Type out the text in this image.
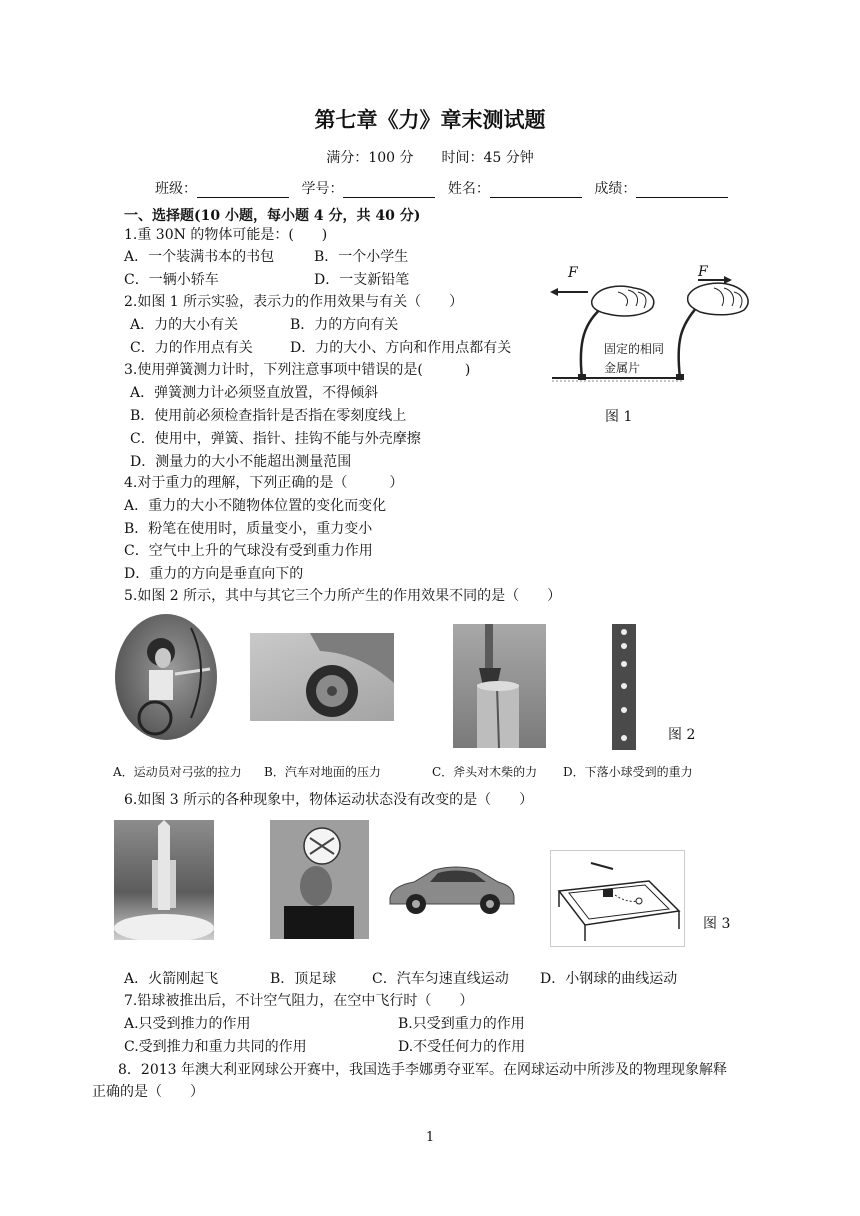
第七章《力》章末测试题
满分：100 分 时间：45 分钟
班级：	学号：	姓名：	成绩：
一、选择题(10 小题，每小题 4 分，共 40 分)
1.重 30N 的物体可能是：(　　)
A．一个装满书本的书包	B．一个小学生
C．一辆小轿车	D．一支新铅笔
2.如图 1 所示实验，表示力的作用效果与有关（　　）
A．力的大小有关	B．力的方向有关
C．力的作用点有关	D．力的大小、方向和作用点都有关
3.使用弹簧测力计时，下列注意事项中错误的是(　　　)
A．弹簧测力计必须竖直放置，不得倾斜
B．使用前必须检查指针是否指在零刻度线上
C．使用中，弹簧、指针、挂钩不能与外壳摩擦
D．测量力的大小不能超出测量范围
4.对于重力的理解，下列正确的是（　　　）
A．重力的大小不随物体位置的变化而变化
B．粉笔在使用时，质量变小，重力变小
C．空气中上升的气球没有受到重力作用
D．重力的方向是垂直向下的
5.如图 2 所示，其中与其它三个力所产生的作用效果不同的是（　　）
F	F
固定的相同
金属片
图 1
图 2
A．运动员对弓弦的拉力 B．汽车对地面的压力	C．斧头对木柴的力 D．下落小球受到的重力
6.如图 3 所示的各种现象中，物体运动状态没有改变的是（　　）
图 3
A．火箭刚起飞	B．顶足球	C．汽车匀速直线运动 D．小钢球的曲线运动
7.铅球被推出后，不计空气阻力，在空中飞行时（　　）
A.只受到推力的作用	B.只受到重力的作用
C.受到推力和重力共同的作用	D.不受任何力的作用
8．2013 年澳大利亚网球公开赛中，我国选手李娜勇夺亚军。在网球运动中所涉及的物理现象解释
正确的是（　　）
1
